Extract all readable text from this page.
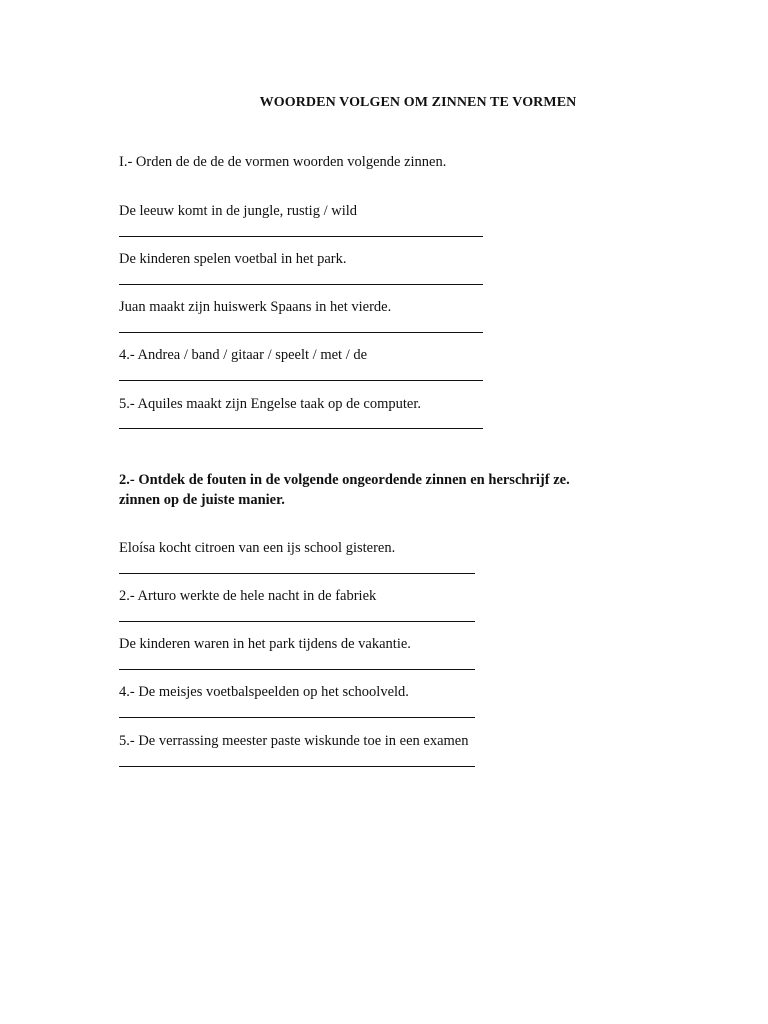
WOORDEN VOLGEN OM ZINNEN TE VORMEN
I.- Orden de de de de vormen woorden volgende zinnen.
De leeuw komt in de jungle, rustig / wild
De kinderen spelen voetbal in het park.
Juan maakt zijn huiswerk Spaans in het vierde.
4.- Andrea / band / gitaar / speelt / met / de
5.- Aquiles maakt zijn Engelse taak op de computer.
2.- Ontdek de fouten in de volgende ongeordende zinnen en herschrijf ze.
zinnen op de juiste manier.
Eloísa kocht citroen van een ijs school gisteren.
2.- Arturo werkte de hele nacht in de fabriek
De kinderen waren in het park tijdens de vakantie.
4.- De meisjes voetbalspeelden op het schoolveld.
5.- De verrassing meester paste wiskunde toe in een examen
